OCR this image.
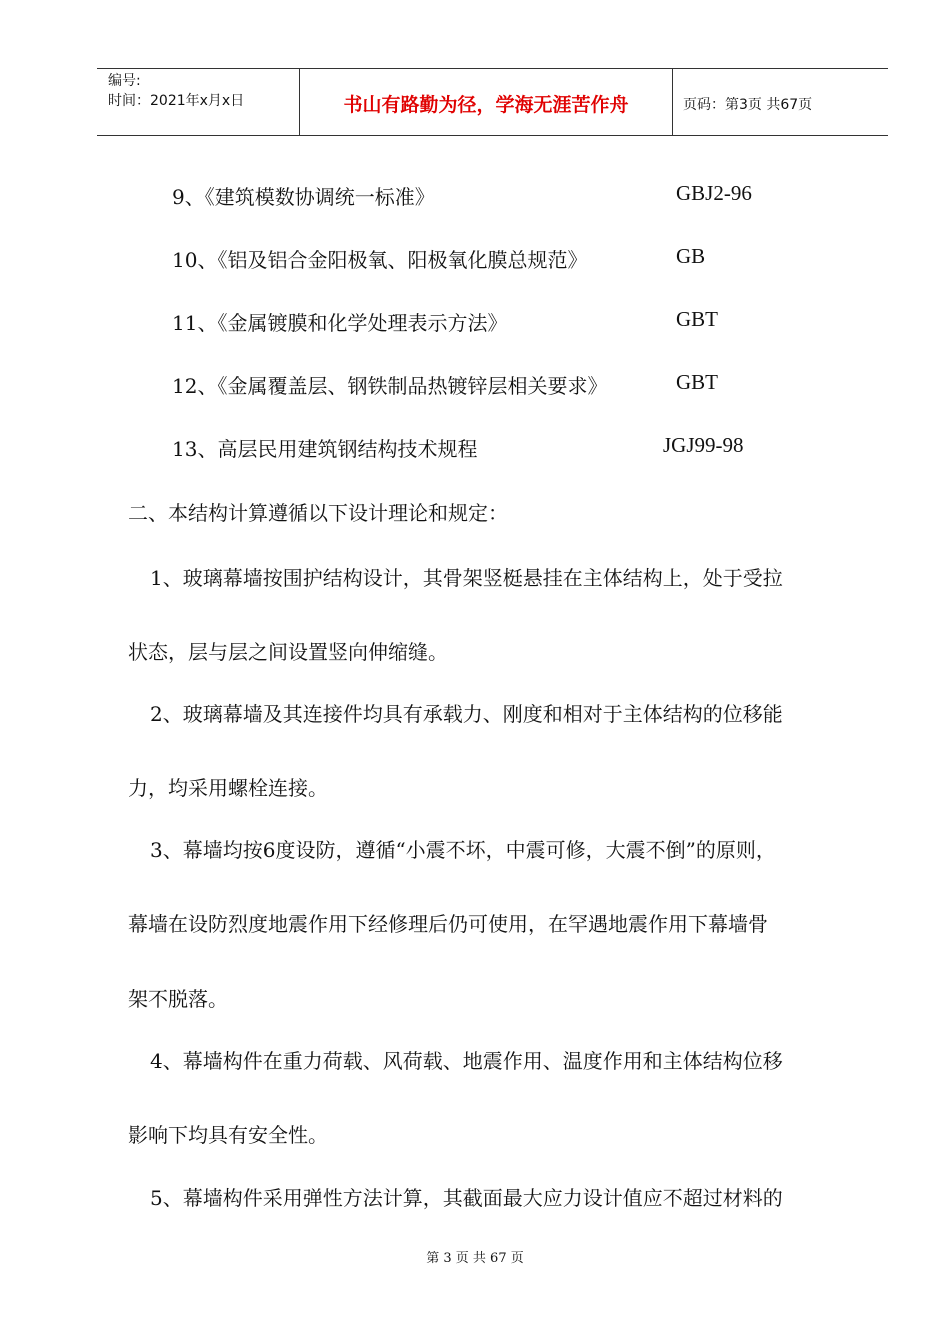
编号:
时间：2021年x月x日	书山有路勤为径，学海无涯苦作舟	页码：第3页 共67页
9、《建筑模数协调统一标准》	GBJ2-96
10、《铝及铝合金阳极氧、阳极氧化膜总规范》	GB
11、《金属镀膜和化学处理表示方法》	GBT
12、《金属覆盖层、钢铁制品热镀锌层相关要求》	GBT
13、高层民用建筑钢结构技术规程	JGJ99-98
二、本结构计算遵循以下设计理论和规定：
1、玻璃幕墙按围护结构设计，其骨架竖梃悬挂在主体结构上，处于受拉
状态，层与层之间设置竖向伸缩缝。
2、玻璃幕墙及其连接件均具有承载力、刚度和相对于主体结构的位移能
力，均采用螺栓连接。
3、幕墙均按6度设防，遵循“小震不坏，中震可修，大震不倒”的原则，
幕墙在设防烈度地震作用下经修理后仍可使用，在罕遇地震作用下幕墙骨
架不脱落。
4、幕墙构件在重力荷载、风荷载、地震作用、温度作用和主体结构位移
影响下均具有安全性。
5、幕墙构件采用弹性方法计算，其截面最大应力设计值应不超过材料的
第 3 页 共 67 页
